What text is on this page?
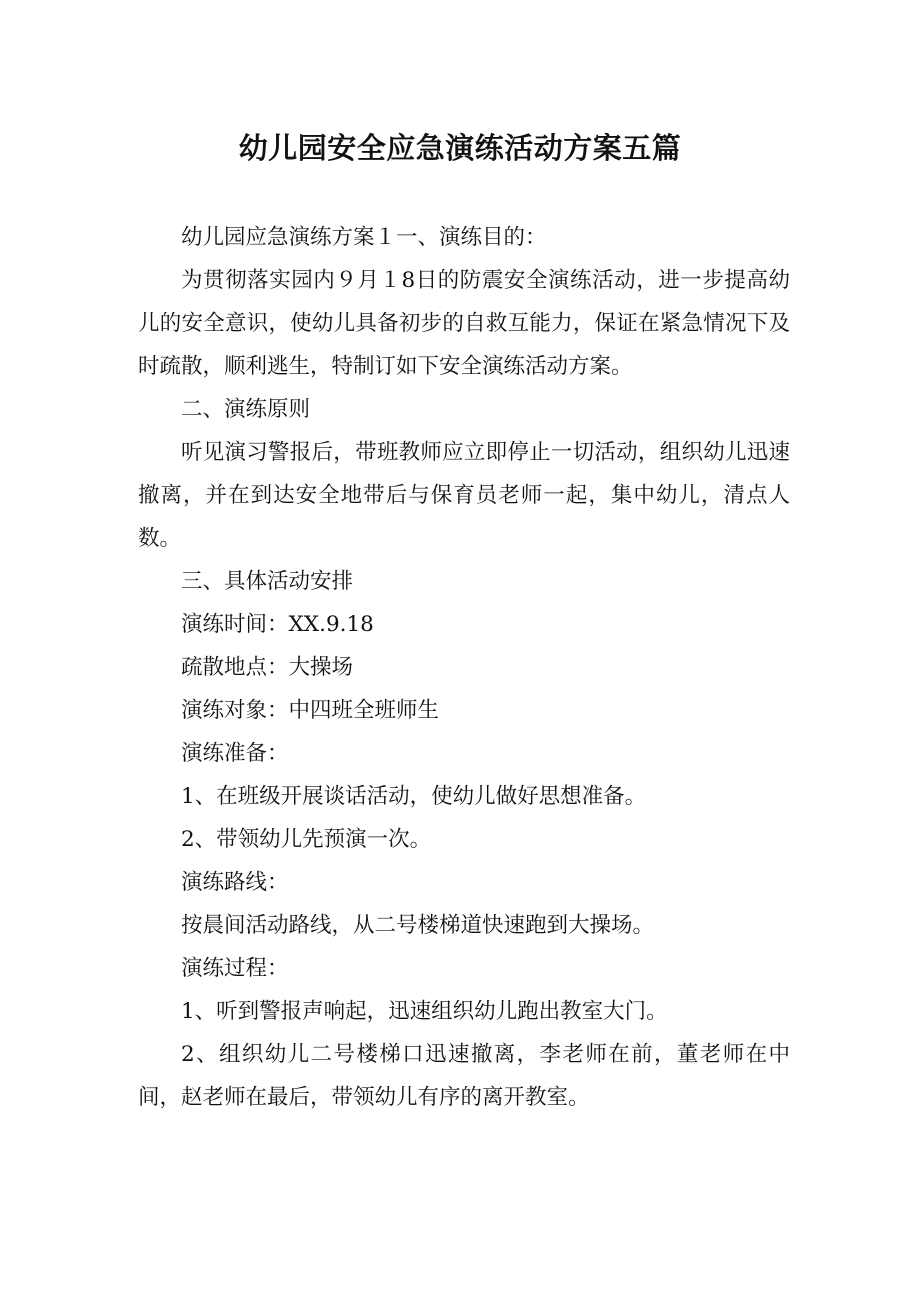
幼儿园安全应急演练活动方案五篇

幼儿园应急演练方案１一、演练目的：

为贯彻落实园内９月１8日的防震安全演练活动，进一步提高幼儿的安全意识，使幼儿具备初步的自救互能力，保证在紧急情况下及时疏散，顺利逃生，特制订如下安全演练活动方案。

二、演练原则

听见演习警报后，带班教师应立即停止一切活动，组织幼儿迅速撤离，并在到达安全地带后与保育员老师一起，集中幼儿，清点人数。

三、具体活动安排

演练时间：XX.9.18

疏散地点：大操场

演练对象：中四班全班师生

演练准备：

1、在班级开展谈话活动，使幼儿做好思想准备。

2、带领幼儿先预演一次。

演练路线：

按晨间活动路线，从二号楼梯道快速跑到大操场。

演练过程：

1、听到警报声响起，迅速组织幼儿跑出教室大门。

2、组织幼儿二号楼梯口迅速撤离，李老师在前，董老师在中间，赵老师在最后，带领幼儿有序的离开教室。
